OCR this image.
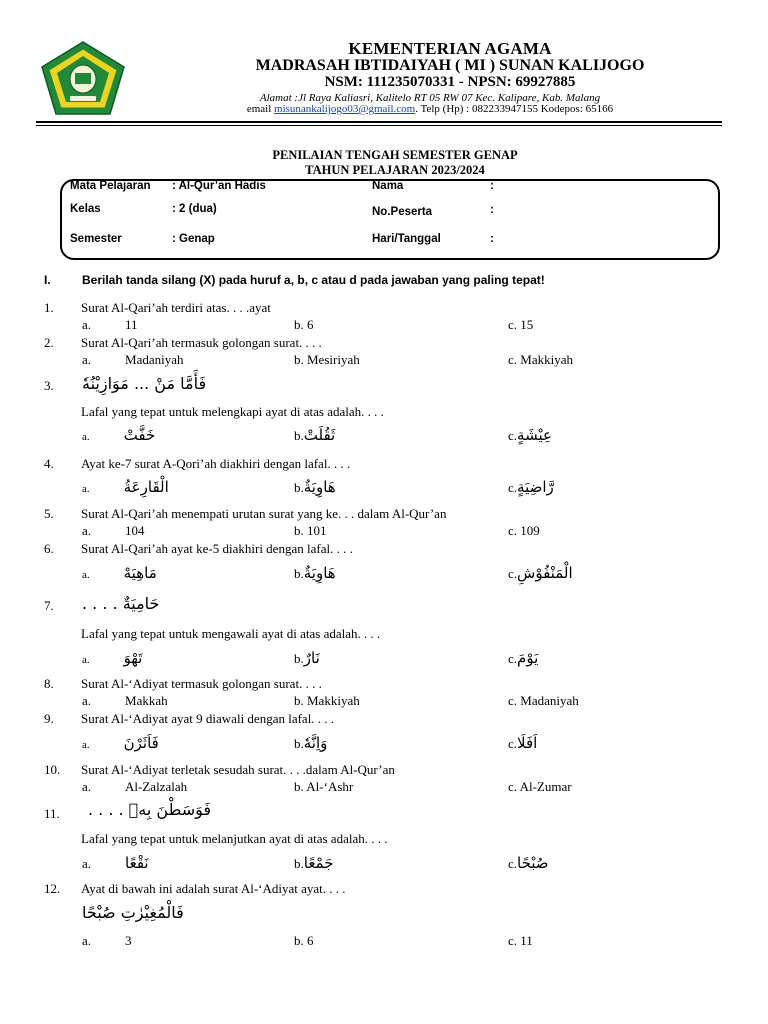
KEMENTERIAN AGAMA
MADRASAH IBTIDAIYAH ( MI ) SUNAN KALIJOGO
NSM: 111235070331 - NPSN: 69927885
Alamat :Jl Raya Kaliasri, Kalitelo RT 05 RW 07 Kec. Kalipare, Kab. Malang
email misunankalijogo03@gmail.com. Telp (Hp) : 082233947155 Kodepos: 65166
PENILAIAN TENGAH SEMESTER GENAP
TAHUN PELAJARAN 2023/2024
Mata Pelajaran : Al-Qur’an Hadis
Kelas	: 2 (dua)
Semester	: Genap
Nama	:
No.Peserta	:
Hari/Tanggal	:
I.	Berilah tanda silang (X) pada huruf a, b, c atau d pada jawaban yang paling tepat!
1. Surat Al-Qari’ah terdiri atas. . . .ayat
a.	11	b. 6	c. 15
2. Surat Al-Qari’ah termasuk golongan surat. . . .
a.	Madaniyah	b. Mesiriyah	c. Makkiyah
3. فَأَمَّا مَنْ ... مَوَازِيْنُهٗ
Lafal yang tepat untuk melengkapi ayat di atas adalah. . . .
a. خَفَّتْ	b.ثَقُلَتْ	c.عِيْشَةٍ
4. Ayat ke-7 surat A-Qori’ah diakhiri dengan lafal. . . .
a. الْقَارِعَةُ	b.هَاوِيَةٌ	c.رَّاضِيَةٍ
5. Surat Al-Qari’ah menempati urutan surat yang ke. . . dalam Al-Qur’an
a.	104	b. 101	c. 109
6. Surat Al-Qari’ah ayat ke-5 diakhiri dengan lafal. . . .
a. مَاهِيَهْ	b.هَاوِيَةٌ	c.الْمَنْفُوْشِ
7. حَامِيَةٌ . . . .
Lafal yang tepat untuk mengawali ayat di atas adalah. . . .
a. تَهْوَ	b.نَارٌ	c.يَوْمَ
8. Surat Al-‘Adiyat termasuk golongan surat. . . .
a.	Makkah	b. Makkiyah	c. Madaniyah
9. Surat Al-‘Adiyat ayat 9 diawali dengan lafal. . . .
a. فَاَثَرْنَ	b.وَاِنَّهٗ	c.اَفَلَا
10. Surat Al-‘Adiyat terletak sesudah surat. . . .dalam Al-Qur’an
a.	Al-Zalzalah	b. Al-‘Ashr	c. Al-Zumar
11. فَوَسَطْنَ بِهٖ . . . .
Lafal yang tepat untuk melanjutkan ayat di atas adalah. . . .
a. نَقْعًا	b.جَمْعًا	c.صُبْحًا
12. Ayat di bawah ini adalah surat Al-‘Adiyat ayat. . . .
فَالْمُغِيْرٰتِ صُبْحًا
a.	3	b. 6	c. 11
